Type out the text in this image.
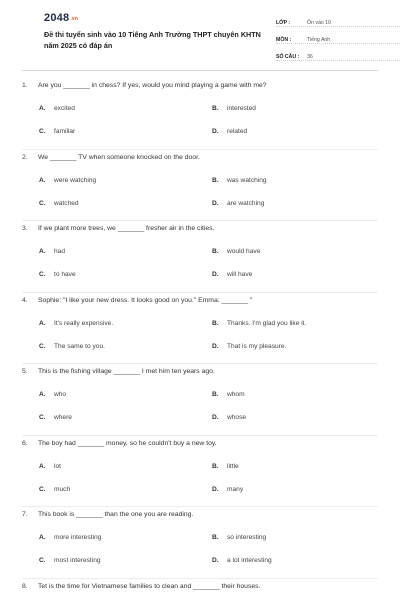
2048.vn
Đề thi tuyển sinh vào 10 Tiếng Anh Trường THPT chuyên KHTN năm 2025 có đáp án
LỚP :	Ôn vào 10
MÔN :	Tiếng Anh
SỐ CÂU :	36
1.	Are you _______ in chess? If yes, would you mind playing a game with me?
A.	excited	B.	interested
C.	familiar	D.	related
2.	We _______ TV when someone knocked on the door.
A.	were watching	B.	was watching
C.	watched	D.	are watching
3.	If we plant more trees, we _______ fresher air in the cities.
A.	had	B.	would have
C.	to have	D.	will have
4.	Sophie: "I like your new dress. It looks good on you." Emma: _______ "
A.	It's really expensive.	B.	Thanks. I'm glad you like it.
C.	The same to you.	D.	That is my pleasure.
5.	This is the fishing village _______ I met him ten years ago.
A.	who	B.	whom
C.	where	D.	whose
6.	The boy had _______ money, so he couldn't buy a new toy.
A.	lot	B.	little
C.	much	D.	many
7.	This book is _______ than the one you are reading.
A.	more interesting	B.	so interesting
C.	most interesting	D.	a lot interesting
8.	Tet is the time for Vietnamese families to clean and _______ their houses.
